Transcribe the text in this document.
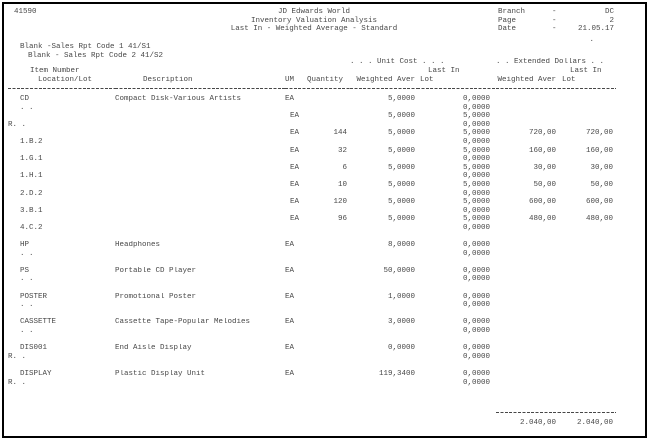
41590	JD Edwards World
Inventory Valuation Analysis
Last In - Weighted Average - Standard
Branch	-	DC
Page	-	2
Date	-	21.05.17
.
Blank -Sales Rpt Code 1 41/S1
Blank - Sales Rpt Code 2 41/S2
				. . . Unit Cost . . .		. . Extended Dollars . .	
Item Number					Last In		Last In
Location/Lot	Description	UM	Quantity	Weighted Aver	Lot	Weighted Aver	Lot

CD	Compact Disk-Various Artists	EA		5,0000	0,0000		
. .					0,0000		
		EA		5,0000	5,0000		
R. .					0,0000		
		EA	144	5,0000	5,0000	720,00	720,00
1.B.2					0,0000		
		EA	32	5,0000	5,0000	160,00	160,00
1.G.1					0,0000		
		EA	6	5,0000	5,0000	30,00	30,00
1.H.1					0,0000		
		EA	10	5,0000	5,0000	50,00	50,00
2.D.2					0,0000		
		EA	120	5,0000	5,0000	600,00	600,00
3.B.1					0,0000		
		EA	96	5,0000	5,0000	480,00	480,00
4.C.2					0,0000		

HP	Headphones	EA		8,0000	0,0000		
. .					0,0000		

PS	Portable CD Player	EA		50,0000	0,0000		
. .					0,0000		

POSTER	Promotional Poster	EA		1,0000	0,0000		
. .					0,0000		

CASSETTE	Cassette Tape-Popular Melodies	EA		3,0000	0,0000		
. .					0,0000		

DIS001	End Aisle Display	EA		0,0000	0,0000		
R. .					0,0000		

DISPLAY	Plastic Display Unit	EA		119,3400	0,0000		
R. .					0,0000		

						2.040,00	2.040,00
